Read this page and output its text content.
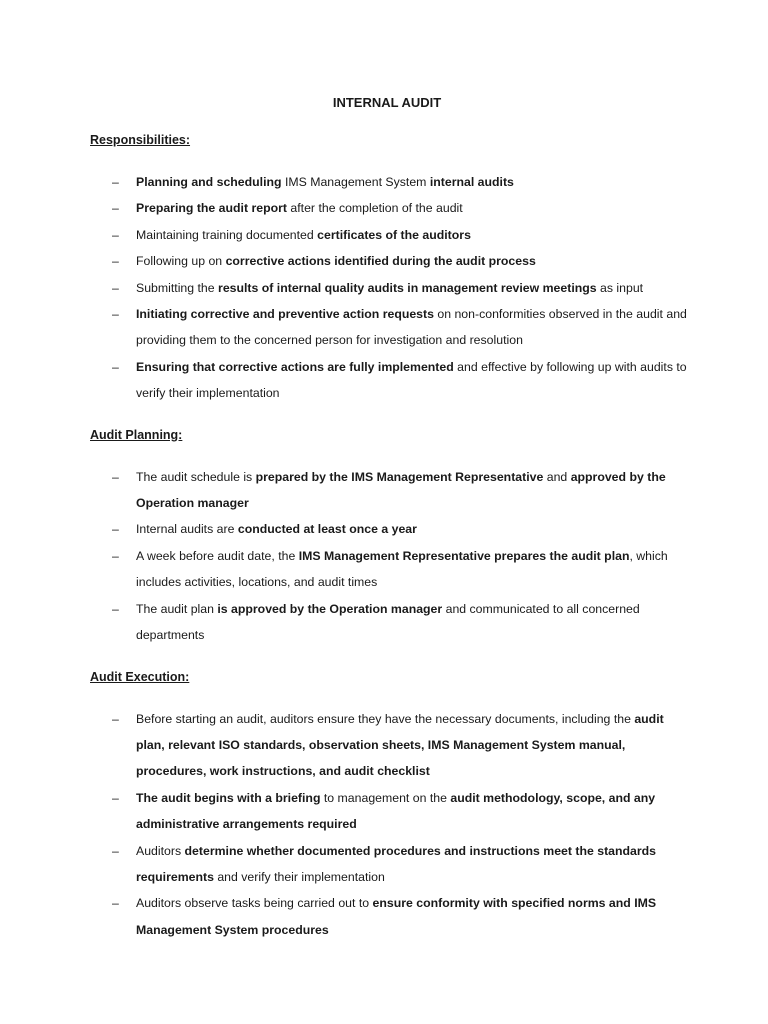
INTERNAL AUDIT
Responsibilities:
– Planning and scheduling IMS Management System internal audits
– Preparing the audit report after the completion of the audit
– Maintaining training documented certificates of the auditors
– Following up on corrective actions identified during the audit process
– Submitting the results of internal quality audits in management review meetings as input
– Initiating corrective and preventive action requests on non-conformities observed in the audit and providing them to the concerned person for investigation and resolution
– Ensuring that corrective actions are fully implemented and effective by following up with audits to verify their implementation
Audit Planning:
– The audit schedule is prepared by the IMS Management Representative and approved by the Operation manager
– Internal audits are conducted at least once a year
– A week before audit date, the IMS Management Representative prepares the audit plan, which includes activities, locations, and audit times
– The audit plan is approved by the Operation manager and communicated to all concerned departments
Audit Execution:
– Before starting an audit, auditors ensure they have the necessary documents, including the audit plan, relevant ISO standards, observation sheets, IMS Management System manual, procedures, work instructions, and audit checklist
– The audit begins with a briefing to management on the audit methodology, scope, and any administrative arrangements required
– Auditors determine whether documented procedures and instructions meet the standards requirements and verify their implementation
– Auditors observe tasks being carried out to ensure conformity with specified norms and IMS Management System procedures
